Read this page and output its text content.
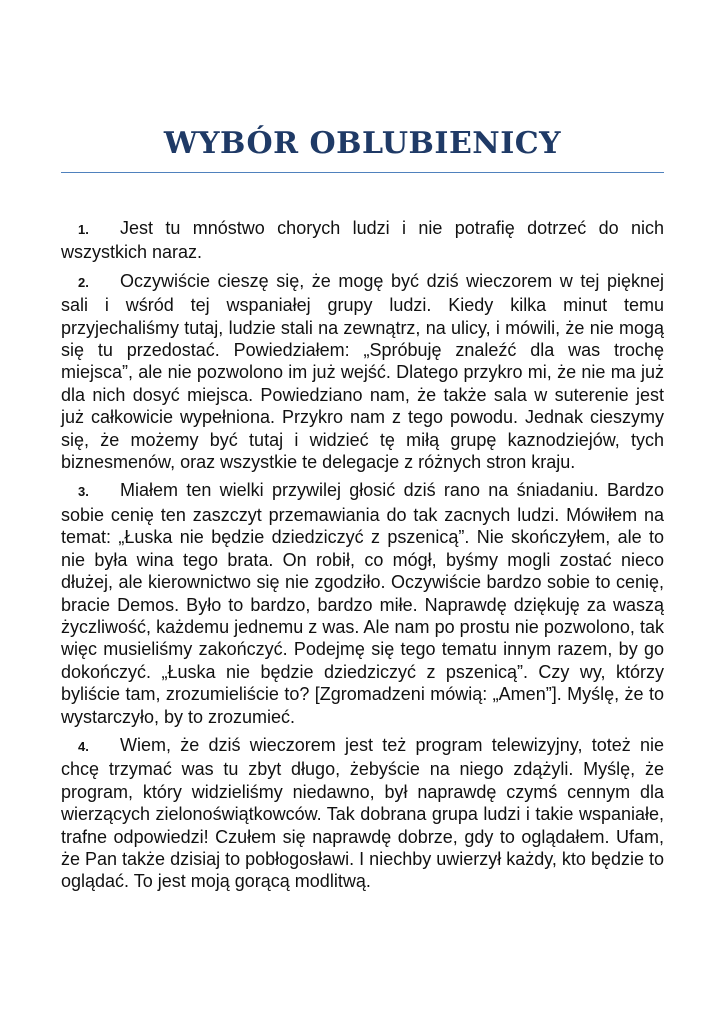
WYBÓR OBLUBIENICY

1. Jest tu mnóstwo chorych ludzi i nie potrafię dotrzeć do nich wszystkich naraz.

2. Oczywiście cieszę się, że mogę być dziś wieczorem w tej pięknej sali i wśród tej wspaniałej grupy ludzi. Kiedy kilka minut temu przyjechaliśmy tutaj, ludzie stali na zewnątrz, na ulicy, i mówili, że nie mogą się tu przedostać. Powiedziałem: „Spróbuję znaleźć dla was trochę miejsca”, ale nie pozwolono im już wejść. Dlatego przykro mi, że nie ma już dla nich dosyć miejsca. Powiedziano nam, że także sala w suterenie jest już całkowicie wypełniona. Przykro nam z tego powodu. Jednak cieszymy się, że możemy być tutaj i widzieć tę miłą grupę kaznodziejów, tych biznesmenów, oraz wszystkie te delegacje z różnych stron kraju.

3. Miałem ten wielki przywilej głosić dziś rano na śniadaniu. Bardzo sobie cenię ten zaszczyt przemawiania do tak zacnych ludzi. Mówiłem na temat: „Łuska nie będzie dziedziczyć z pszenicą”. Nie skończyłem, ale to nie była wina tego brata. On robił, co mógł, byśmy mogli zostać nieco dłużej, ale kierownictwo się nie zgodziło. Oczywiście bardzo sobie to cenię, bracie Demos. Było to bardzo, bardzo miłe. Naprawdę dziękuję za waszą życzliwość, każdemu jednemu z was. Ale nam po prostu nie pozwolono, tak więc musieliśmy zakończyć. Podejmę się tego tematu innym razem, by go dokończyć. „Łuska nie będzie dziedziczyć z pszenicą”. Czy wy, którzy byliście tam, zrozumieliście to? [Zgromadzeni mówią: „Amen”]. Myślę, że to wystarczyło, by to zrozumieć.

4. Wiem, że dziś wieczorem jest też program telewizyjny, toteż nie chcę trzymać was tu zbyt długo, żebyście na niego zdążyli. Myślę, że program, który widzieliśmy niedawno, był naprawdę czymś cennym dla wierzących zielonoświątkowców. Tak dobrana grupa ludzi i takie wspaniałe, trafne odpowiedzi! Czułem się naprawdę dobrze, gdy to oglądałem. Ufam, że Pan także dzisiaj to pobłogosławi. I niechby uwierzył każdy, kto będzie to oglądać. To jest moją gorącą modlitwą.
